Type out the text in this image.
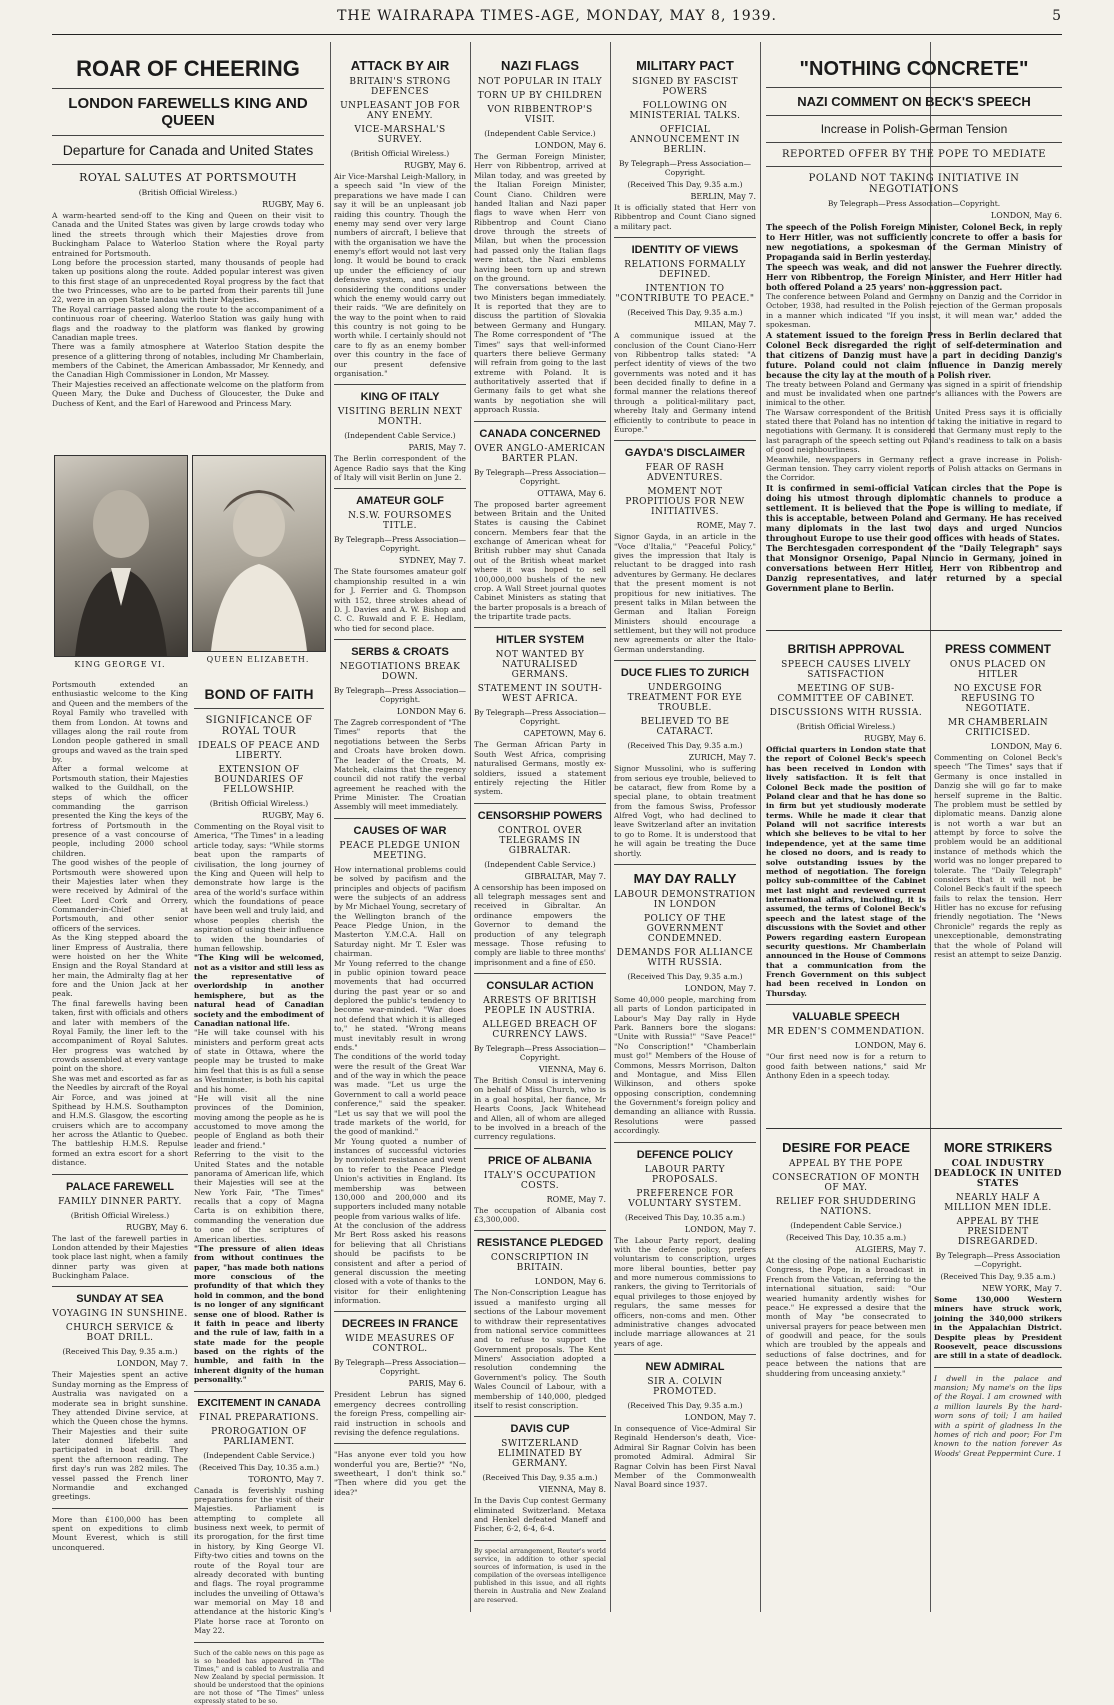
THE WAIRARAPA TIMES-AGE, MONDAY, MAY 8, 1939.	5
ROAR OF CHEERING
LONDON FAREWELLS KING AND QUEEN
Departure for Canada and United States
ROYAL SALUTES AT PORTSMOUTH
(British Official Wireless.)
RUGBY, May 6.

A warm-hearted send-off to the King and Queen on their visit to Canada and the United States was given by large crowds today who lined the streets through which their Majesties drove from Buckingham Palace to Waterloo Station where the Royal party entrained for Portsmouth.

Long before the procession started, many thousands of people had taken up positions along the route. Added popular interest was given to this first stage of an unprecedented Royal progress by the fact that the two Princesses, who are to be parted from their parents till June 22, were in an open State landau with their Majesties.

The Royal carriage passed along the route to the accompaniment of a continuous roar of cheering. Waterloo Station was gaily hung with flags and the roadway to the platform was flanked by growing Canadian maple trees.

There was a family atmosphere at Waterloo Station despite the presence of a glittering throng of notables, including Mr Chamberlain, members of the Cabinet, the American Ambassador, Mr Kennedy, and the Canadian High Commissioner in London, Mr Massey.

Their Majesties received an affectionate welcome on the platform from Queen Mary, the Duke and Duchess of Gloucester, the Duke and Duchess of Kent, and the Earl of Harewood and Princess Mary.

KING GEORGE VI.
QUEEN ELIZABETH.

Portsmouth extended an enthusiastic welcome to the King and Queen and the members of the Royal Family who travelled with them from London. At towns and villages along the rail route from London people gathered in small groups and waved as the train sped by.

After a formal welcome at Portsmouth station, their Majesties walked to the Guildhall, on the steps of which the officer commanding the garrison presented the King the keys of the fortress of Portsmouth in the presence of a vast concourse of people, including 2000 school children.

The good wishes of the people of Portsmouth were showered upon their Majesties later when they were received by Admiral of the Fleet Lord Cork and Orrery, Commander-in-Chief at Portsmouth, and other senior officers of the services.

As the King stepped aboard the liner Empress of Australia, there were hoisted on her the White Ensign and the Royal Standard at her main, the Admiralty flag at her fore and the Union Jack at her peak.

The final farewells having been taken, first with officials and others and later with members of the Royal Family, the liner left to the accompaniment of Royal Salutes. Her progress was watched by crowds assembled at every vantage point on the shore.

She was met and escorted as far as the Needles by aircraft of the Royal Air Force, and was joined at Spithead by H.M.S. Southampton and H.M.S. Glasgow, the escorting cruisers which are to accompany her across the Atlantic to Quebec. The battleship H.M.S. Repulse formed an extra escort for a short distance.

PALACE FAREWELL
FAMILY DINNER PARTY.
(British Official Wireless.)
RUGBY, May 6.

The last of the farewell parties in London attended by their Majesties took place last night, when a family dinner party was given at Buckingham Palace.

SUNDAY AT SEA
VOYAGING IN SUNSHINE.
CHURCH SERVICE & BOAT DRILL.
(Received This Day, 9.35 a.m.)
LONDON, May 7.

Their Majesties spent an active Sunday morning as the Empress of Australia was navigated on a moderate sea in bright sunshine. They attended Divine service, at which the Queen chose the hymns. Their Majesties and their suite later donned lifebelts and participated in boat drill. They spent the afternoon reading. The first day's run was 282 miles. The vessel passed the French liner Normandie and exchanged greetings.

More than £100,000 has been spent on expeditions to climb Mount Everest, which is still unconquered.

BOND OF FAITH
SIGNIFICANCE OF ROYAL TOUR
IDEALS OF PEACE AND LIBERTY.
EXTENSION OF BOUNDARIES OF FELLOWSHIP.
(British Official Wireless.)
RUGBY, May 6.

Commenting on the Royal visit to America, "The Times" in a leading article today, says: "While storms beat upon the ramparts of civilisation, the long journey of the King and Queen will help to demonstrate how large is the area of the world's surface within which the foundations of peace have been well and truly laid, and whose peoples cherish the aspiration of using their influence to widen the boundaries of human fellowship.

"The King will be welcomed, not as a visitor and still less as the representative of overlordship in another hemisphere, but as the natural head of Canadian society and the embodiment of Canadian national life.

"He will take counsel with his ministers and perform great acts of state in Ottawa, where the people may be trusted to make him feel that this is as full a sense as Westminster, is both his capital and his home.

"He will visit all the nine provinces of the Dominion, moving among the people as he is accustomed to move among the people of England as both their leader and friend."

Referring to the visit to the United States and the notable panorama of American life, which their Majesties will see at the New York Fair, "The Times" recalls that a copy of Magna Carta is on exhibition there, commanding the veneration due to one of the scriptures of American liberties.

"The pressure of alien ideas from without continues the paper, "has made both nations more conscious of the profundity of that which they hold in common, and the bond is no longer of any significant sense one of blood. Rather is it faith in peace and liberty and the rule of law, faith in a state made for the people based on the rights of the humble, and faith in the inherent dignity of the human personality."

EXCITEMENT IN CANADA
FINAL PREPARATIONS.
PROROGATION OF PARLIAMENT.
(Independent Cable Service.)
(Received This Day, 10.35 a.m.)
TORONTO, May 7.

Canada is feverishly rushing preparations for the visit of their Majesties. Parliament is attempting to complete all business next week, to permit of its prorogation, for the first time in history, by King George VI. Fifty-two cities and towns on the route of the Royal tour are already decorated with bunting and flags. The royal programme includes the unveiling of Ottawa's war memorial on May 18 and attendance at the historic King's Plate horse race at Toronto on May 22.

Such of the cable news on this page as is so headed has appeared in "The Times," and is cabled to Australia and New Zealand by special permission. It should be understood that the opinions are not those of "The Times" unless expressly stated to be so.

ATTACK BY AIR
BRITAIN'S STRONG DEFENCES
UNPLEASANT JOB FOR ANY ENEMY.
VICE-MARSHAL'S SURVEY.
(British Official Wireless.)
RUGBY, May 6.

Air Vice-Marshal Leigh-Mallory, in a speech said "In view of the preparations we have made I can say it will be an unpleasant job raiding this country. Though the enemy may send over very large numbers of aircraft, I believe that with the organisation we have the enemy's effort would not last very long. It would be bound to crack up under the efficiency of our defensive system, and specially considering the conditions under which the enemy would carry out their raids. "We are definitely on the way to the point when to raid this country is not going to be worth while. I certainly should not care to fly as an enemy bomber over this country in the face of our present defensive organisation."

KING OF ITALY
VISITING BERLIN NEXT MONTH.
(Independent Cable Service.)
PARIS, May 7.

The Berlin correspondent of the Agence Radio says that the King of Italy will visit Berlin on June 2.

AMATEUR GOLF
N.S.W. FOURSOMES TITLE.
By Telegraph—Press Association—Copyright.
SYDNEY, May 7.

The State foursomes amateur golf championship resulted in a win for J. Ferrier and G. Thompson with 152, three strokes ahead of D. J. Davies and A. W. Bishop and C. C. Ruwald and F. E. Hedlam, who tied for second place.

SERBS & CROATS
NEGOTIATIONS BREAK DOWN.
By Telegraph—Press Association—Copyright.
LONDON May 6.

The Zagreb correspondent of "The Times" reports that the negotiations between the Serbs and Croats have broken down. The leader of the Croats, M. Matchek, claims that the regency council did not ratify the verbal agreement he reached with the Prime Minister. The Croatian Assembly will meet immediately.

CAUSES OF WAR
PEACE PLEDGE UNION MEETING.

How international problems could be solved by pacifism and the principles and objects of pacifism were the subjects of an address by Mr Michael Young, secretary of the Wellington branch of the Peace Pledge Union, in the Masterton Y.M.C.A. Hall on Saturday night. Mr T. Esler was chairman.

Mr Young referred to the change in public opinion toward peace movements that had occurred during the past year or so and deplored the public's tendency to become war-minded. "War does not defend that which it is alleged to," he stated. "Wrong means must inevitably result in wrong ends."

The conditions of the world today were the result of the Great War and of the way in which the peace was made. "Let us urge the Government to call a world peace conference," said the speaker. "Let us say that we will pool the trade markets of the world, for the good of mankind."

Mr Young quoted a number of instances of successful victories by nonviolent resistance and went on to refer to the Peace Pledge Union's activities in England. Its membership was between 130,000 and 200,000 and its supporters included many notable people from various walks of life.

At the conclusion of the address Mr Bert Ross asked his reasons for believing that all Christians should be pacifists to be consistent and after a period of general discussion the meeting closed with a vote of thanks to the visitor for their enlightening information.

DECREES IN FRANCE
WIDE MEASURES OF CONTROL.
By Telegraph—Press Association—Copyright.
PARIS, May 6.

President Lebrun has signed emergency decrees controlling the foreign Press, compelling air-raid instruction in schools and revising the defence regulations.

"Has anyone ever told you how wonderful you are, Bertie?" "No, sweetheart, I don't think so." "Then where did you get the idea?"

NAZI FLAGS
NOT POPULAR IN ITALY
TORN UP BY CHILDREN
VON RIBBENTROP'S VISIT.
(Independent Cable Service.)
LONDON, May 6.

The German Foreign Minister, Herr von Ribbentrop, arrived at Milan today, and was greeted by the Italian Foreign Minister, Count Ciano. Children were handed Italian and Nazi paper flags to wave when Herr von Ribbentrop and Count Ciano drove through the streets of Milan, but when the procession had passed only the Italian flags were intact, the Nazi emblems having been torn up and strewn on the ground.

The conversations between the two Ministers began immediately. It is reported that they are to discuss the partition of Slovakia between Germany and Hungary. The Rome correspondent of "The Times" says that well-informed quarters there believe Germany will refrain from going to the last extreme with Poland. It is authoritatively asserted that if Germany fails to get what she wants by negotiation she will approach Russia.

CANADA CONCERNED
OVER ANGLO-AMERICAN BARTER PLAN.
By Telegraph—Press Association—Copyright.
OTTAWA, May 6.

The proposed barter agreement between Britain and the United States is causing the Cabinet concern. Members fear that the exchange of American wheat for British rubber may shut Canada out of the British wheat market where it was hoped to sell 100,000,000 bushels of the new crop. A Wall Street journal quotes Cabinet Ministers as stating that the barter proposals is a breach of the tripartite trade pacts.

HITLER SYSTEM
NOT WANTED BY NATURALISED GERMANS.
STATEMENT IN SOUTH-WEST AFRICA.
By Telegraph—Press Association—Copyright.
CAPETOWN, May 6.

The German African Party in South West Africa, comprising naturalised Germans, mostly ex-soldiers, issued a statement entirely rejecting the Hitler system.

CENSORSHIP POWERS
CONTROL OVER TELEGRAMS IN GIBRALTAR.
(Independent Cable Service.)
GIBRALTAR, May 7.

A censorship has been imposed on all telegraph messages sent and received in Gibraltar. An ordinance empowers the Governor to demand the production of any telegraph message. Those refusing to comply are liable to three months' imprisonment and a fine of £50.

CONSULAR ACTION
ARRESTS OF BRITISH PEOPLE IN AUSTRIA.
ALLEGED BREACH OF CURRENCY LAWS.
By Telegraph—Press Association—Copyright.
VIENNA, May 6.

The British Consul is intervening on behalf of Miss Church, who is in a goal hospital, her fiance, Mr Hearts Coons, Jack Whitehead and Allen, all of whom are alleged to be involved in a breach of the currency regulations.

PRICE OF ALBANIA
ITALY'S OCCUPATION COSTS.
ROME, May 7.

The occupation of Albania cost £3,300,000.

RESISTANCE PLEDGED
CONSCRIPTION IN BRITAIN.
LONDON, May 6.

The Non-Conscription League has issued a manifesto urging all sections of the Labour movement to withdraw their representatives from national service committees and to refuse to support the Government proposals. The Kent Miners' Association adopted a resolution condemning the Government's policy. The South Wales Council of Labour, with a membership of 140,000, pledged itself to resist conscription.

DAVIS CUP
SWITZERLAND ELIMINATED BY GERMANY.
(Received This Day, 9.35 a.m.)
VIENNA, May 8.

In the Davis Cup contest Germany eliminated Switzerland. Metaxa and Henkel defeated Maneff and Fischer, 6-2, 6-4, 6-4.

By special arrangement, Reuter's world service, in addition to other special sources of information, is used in the compilation of the overseas intelligence published in this issue, and all rights therein in Australia and New Zealand are reserved.

MILITARY PACT
SIGNED BY FASCIST POWERS
FOLLOWING ON MINISTERIAL TALKS.
OFFICIAL ANNOUNCEMENT IN BERLIN.
By Telegraph—Press Association—Copyright.
(Received This Day, 9.35 a.m.)
BERLIN, May 7.

It is officially stated that Herr von Ribbentrop and Count Ciano signed a military pact.

IDENTITY OF VIEWS
RELATIONS FORMALLY DEFINED.
INTENTION TO "CONTRIBUTE TO PEACE."
(Received This Day, 9.35 a.m.)
MILAN, May 7.

A communique issued at the conclusion of the Count Ciano-Herr von Ribbentrop talks stated: "A perfect identity of views of the two governments was noted and it has been decided finally to define in a formal manner the relations thereof through a political-military pact, whereby Italy and Germany intend efficiently to contribute to peace in Europe."

GAYDA'S DISCLAIMER
FEAR OF RASH ADVENTURES.
MOMENT NOT PROPITIOUS FOR NEW INITIATIVES.
ROME, May 7.

Signor Gayda, in an article in the "Voce d'Italia," "Peaceful Policy," gives the impression that Italy is reluctant to be dragged into rash adventures by Germany. He declares that the present moment is not propitious for new initiatives. The present talks in Milan between the German and Italian Foreign Ministers should encourage a settlement, but they will not produce new agreements or alter the Italo-German understanding.

DUCE FLIES TO ZURICH
UNDERGOING TREATMENT FOR EYE TROUBLE.
BELIEVED TO BE CATARACT.
(Received This Day, 9.35 a.m.)
ZURICH, May 7.

Signor Mussolini, who is suffering from serious eye trouble, believed to be cataract, flew from Rome by a special plane, to obtain treatment from the famous Swiss, Professor Alfred Vogt, who had declined to leave Switzerland after an invitation to go to Rome. It is understood that he will again be treating the Duce shortly.

MAY DAY RALLY
LABOUR DEMONSTRATION IN LONDON
POLICY OF THE GOVERNMENT CONDEMNED.
DEMANDS FOR ALLIANCE WITH RUSSIA.
(Received This Day, 9.35 a.m.)
LONDON, May 7.

Some 40,000 people, marching from all parts of London participated in Labour's May Day rally in Hyde Park. Banners bore the slogans: "Unite with Russia!" "Save Peace!" "No Conscription!" "Chamberlain must go!" Members of the House of Commons, Messrs Morrison, Dalton and Montague, and Miss Ellen Wilkinson, and others spoke opposing conscription, condemning the Government's foreign policy and demanding an alliance with Russia. Resolutions were passed accordingly.

DEFENCE POLICY
LABOUR PARTY PROPOSALS.
PREFERENCE FOR VOLUNTARY SYSTEM.
(Received This Day, 10.35 a.m.)
LONDON, May 7.

The Labour Party report, dealing with the defence policy, prefers voluntarism to conscription, urges more liberal bounties, better pay and more numerous commissions to rankers, the giving to Territorials of equal privileges to those enjoyed by regulars, the same messes for officers, non-coms and men. Other administrative changes advocated include marriage allowances at 21 years of age.

NEW ADMIRAL
SIR A. COLVIN PROMOTED.
(Received This Day, 9.35 a.m.)
LONDON, May 7.

In consequence of Vice-Admiral Sir Reginald Henderson's death, Vice-Admiral Sir Ragnar Colvin has been promoted Admiral. Admiral Sir Ragnar Colvin has been First Naval Member of the Commonwealth Naval Board since 1937.

"NOTHING CONCRETE"
NAZI COMMENT ON BECK'S SPEECH
Increase in Polish-German Tension
REPORTED OFFER BY THE POPE TO MEDIATE
POLAND NOT TAKING INITIATIVE IN NEGOTIATIONS
By Telegraph—Press Association—Copyright.
LONDON, May 6.

The speech of the Polish Foreign Minister, Colonel Beck, in reply to Herr Hitler, was not sufficiently concrete to offer a basis for new negotiations, a spokesman of the German Ministry of Propaganda said in Berlin yesterday.

The speech was weak, and did not answer the Fuehrer directly. Herr von Ribbentrop, the Foreign Minister, and Herr Hitler had both offered Poland a 25 years' non-aggression pact.

The conference between Poland and Germany on Danzig and the Corridor in October, 1938, had resulted in the Polish rejection of the German proposals in a manner which indicated "If you insist, it will mean war," added the spokesman.

A statement issued to the foreign Press in Berlin declared that Colonel Beck disregarded the right of self-determination and that citizens of Danzig must have a part in deciding Danzig's future. Poland could not claim influence in Danzig merely because the city lay at the mouth of a Polish river.

The treaty between Poland and Germany was signed in a spirit of friendship and must be invalidated when one partner's alliances with the Powers are inimical to the other.

The Warsaw correspondent of the British United Press says it is officially stated there that Poland has no intention of taking the initiative in regard to negotiations with Germany. It is considered that Germany must reply to the last paragraph of the speech setting out Poland's readiness to talk on a basis of good neighbourliness.

Meanwhile, newspapers in Germany reflect a grave increase in Polish-German tension. They carry violent reports of Polish attacks on Germans in the Corridor.

It is confirmed in semi-official Vatican circles that the Pope is doing his utmost through diplomatic channels to produce a settlement. It is believed that the Pope is willing to mediate, if this is acceptable, between Poland and Germany. He has received many diplomats in the last two days and urged Nuncios throughout Europe to use their good offices with heads of States.

The Berchtesgaden correspondent of the "Daily Telegraph" says that Monsignor Orsenigo, Papal Nuncio in Germany, joined in conversations between Herr Hitler, Herr von Ribbentrop and Danzig representatives, and later returned by a special Government plane to Berlin.

BRITISH APPROVAL
SPEECH CAUSES LIVELY SATISFACTION
MEETING OF SUB-COMMITTEE OF CABINET.
DISCUSSIONS WITH RUSSIA.
(British Official Wireless.)
RUGBY, May 6.

Official quarters in London state that the report of Colonel Beck's speech has been received in London with lively satisfaction. It is felt that Colonel Beck made the position of Poland clear and that he has done so in firm but yet studiously moderate terms. While he made it clear that Poland will not sacrifice interests which she believes to be vital to her independence, yet at the same time he closed no doors, and is ready to solve outstanding issues by the method of negotiation. The foreign policy sub-committee of the Cabinet met last night and reviewed current international affairs, including, it is assumed, the terms of Colonel Beck's speech and the latest stage of the discussions with the Soviet and other Powers regarding eastern European security questions. Mr Chamberlain announced in the House of Commons that a communication from the French Government on this subject had been received in London on Thursday.

VALUABLE SPEECH
MR EDEN'S COMMENDATION.
LONDON, May 6.

"Our first need now is for a return to good faith between nations," said Mr Anthony Eden in a speech today.

PRESS COMMENT
ONUS PLACED ON HITLER
NO EXCUSE FOR REFUSING TO NEGOTIATE.
MR CHAMBERLAIN CRITICISED.
LONDON, May 6.

Commenting on Colonel Beck's speech "The Times" says that if Germany is once installed in Danzig she will go far to make herself supreme in the Baltic. The problem must be settled by diplomatic means. Danzig alone is not worth a war but an attempt by force to solve the problem would be an additional instance of methods which the world was no longer prepared to tolerate. The "Daily Telegraph" considers that it will not be Colonel Beck's fault if the speech fails to relax the tension. Herr Hitler has no excuse for refusing friendly negotiation. The "News Chronicle" regards the reply as unexceptionable, demonstrating that the whole of Poland will resist an attempt to seize Danzig.

DESIRE FOR PEACE
APPEAL BY THE POPE
CONSECRATION OF MONTH OF MAY.
RELIEF FOR SHUDDERING NATIONS.
(Independent Cable Service.)
(Received This Day, 10.35 a.m.)
ALGIERS, May 7.

At the closing of the national Eucharistic Congress, the Pope, in a broadcast in French from the Vatican, referring to the international situation, said: "Our wearied humanity ardently wishes for peace." He expressed a desire that the month of May "be consecrated to universal prayers for peace between men of goodwill and peace, for the souls which are troubled by the appeals and seductions of false doctrines, and for peace between the nations that are shuddering from unceasing anxiety."

MORE STRIKERS
COAL INDUSTRY DEADLOCK IN UNITED STATES
NEARLY HALF A MILLION MEN IDLE.
APPEAL BY THE PRESIDENT DISREGARDED.
By Telegraph—Press Association—Copyright.
(Received This Day, 9.35 a.m.)
NEW YORK, May 7.

Some 130,000 Western miners have struck work, joining the 340,000 strikers in the Appalachian District. Despite pleas by President Roosevelt, peace discussions are still in a state of deadlock.

I dwell in the palace and mansion; My name's on the lips of the Royal. I am crowned with a million laurels By the hard-worn sons of toil; I am hailed with a spirit of gladness In the homes of rich and poor; For I'm known to the nation forever As Woods' Great Peppermint Cure. 1
